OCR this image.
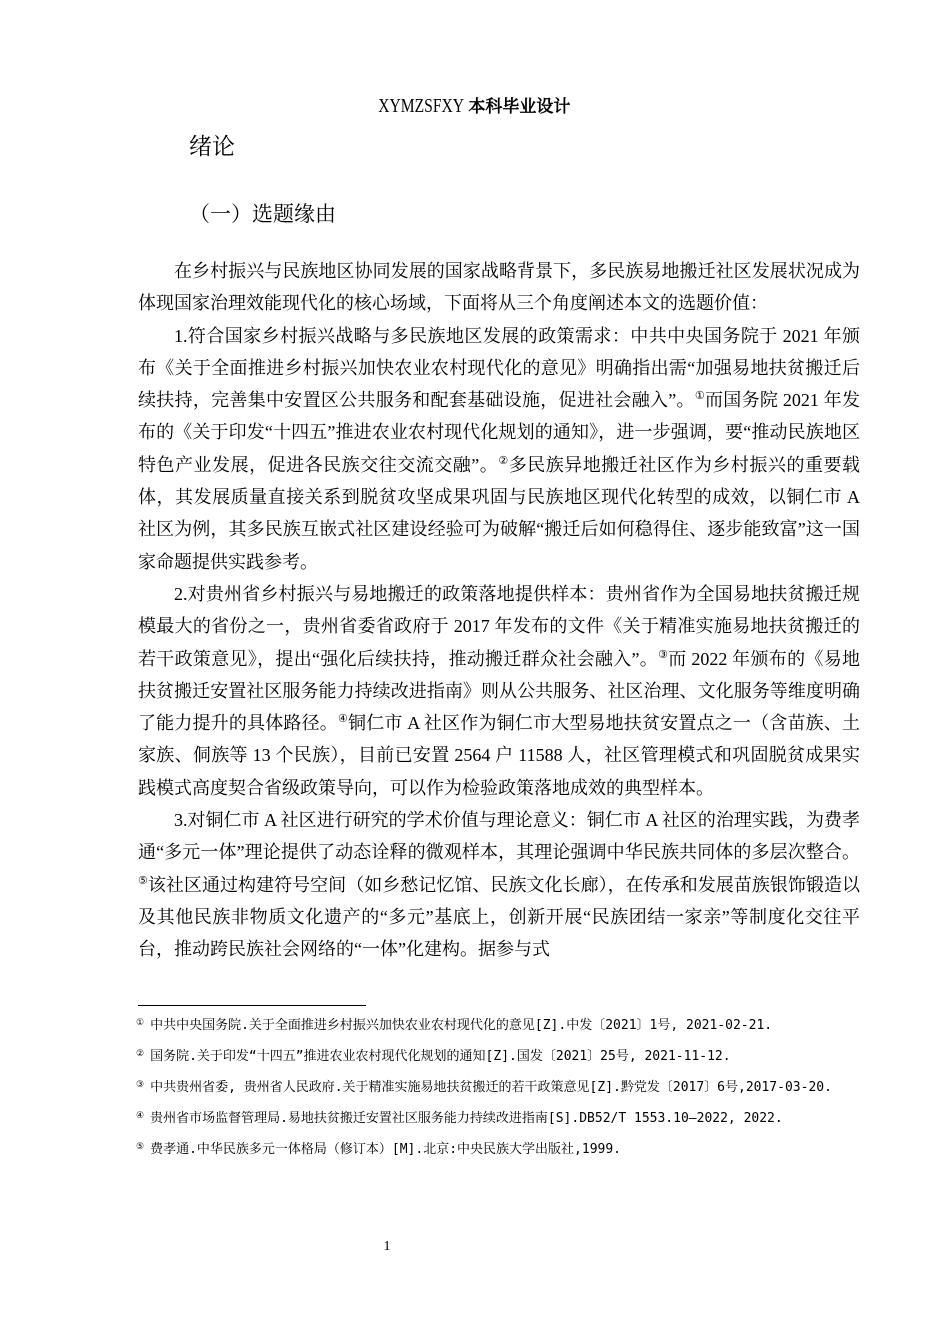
XYMZSFXY 本科毕业设计
绪论
（一）选题缘由

在乡村振兴与民族地区协同发展的国家战略背景下，多民族易地搬迁社区发展状况成为体现国家治理效能现代化的核心场域，下面将从三个角度阐述本文的选题价值：

1.符合国家乡村振兴战略与多民族地区发展的政策需求：中共中央国务院于 2021 年颁布《关于全面推进乡村振兴加快农业农村现代化的意见》明确指出需“加强易地扶贫搬迁后续扶持，完善集中安置区公共服务和配套基础设施，促进社会融入”。①而国务院 2021 年发布的《关于印发“十四五”推进农业农村现代化规划的通知》，进一步强调，要“推动民族地区特色产业发展，促进各民族交往交流交融”。②多民族异地搬迁社区作为乡村振兴的重要载体，其发展质量直接关系到脱贫攻坚成果巩固与民族地区现代化转型的成效，以铜仁市 A 社区为例，其多民族互嵌式社区建设经验可为破解“搬迁后如何稳得住、逐步能致富”这一国家命题提供实践参考。

2.对贵州省乡村振兴与易地搬迁的政策落地提供样本：贵州省作为全国易地扶贫搬迁规模最大的省份之一，贵州省委省政府于 2017 年发布的文件《关于精准实施易地扶贫搬迁的若干政策意见》，提出“强化后续扶持，推动搬迁群众社会融入”。③而 2022 年颁布的《易地扶贫搬迁安置社区服务能力持续改进指南》则从公共服务、社区治理、文化服务等维度明确了能力提升的具体路径。④铜仁市 A 社区作为铜仁市大型易地扶贫安置点之一（含苗族、土家族、侗族等 13 个民族），目前已安置 2564 户 11588 人，社区管理模式和巩固脱贫成果实践模式高度契合省级政策导向，可以作为检验政策落地成效的典型样本。

3.对铜仁市 A 社区进行研究的学术价值与理论意义：铜仁市 A 社区的治理实践，为费孝通“多元一体”理论提供了动态诠释的微观样本，其理论强调中华民族共同体的多层次整合。⑤该社区通过构建符号空间（如乡愁记忆馆、民族文化长廊），在传承和发展苗族银饰锻造以及其他民族非物质文化遗产的“多元”基底上，创新开展“民族团结一家亲”等制度化交往平台，推动跨民族社会网络的“一体”化建构。据参与式

① 中共中央国务院.关于全面推进乡村振兴加快农业农村现代化的意见[Z].中发〔2021〕1号, 2021-02-21.
② 国务院.关于印发“十四五”推进农业农村现代化规划的通知[Z].国发〔2021〕25号, 2021-11-12.
③ 中共贵州省委, 贵州省人民政府.关于精准实施易地扶贫搬迁的若干政策意见[Z].黔党发〔2017〕6号,2017-03-20.
④ 贵州省市场监督管理局.易地扶贫搬迁安置社区服务能力持续改进指南[S].DB52/T 1553.10—2022, 2022.
⑤ 费孝通.中华民族多元一体格局（修订本）[M].北京:中央民族大学出版社,1999.
1
